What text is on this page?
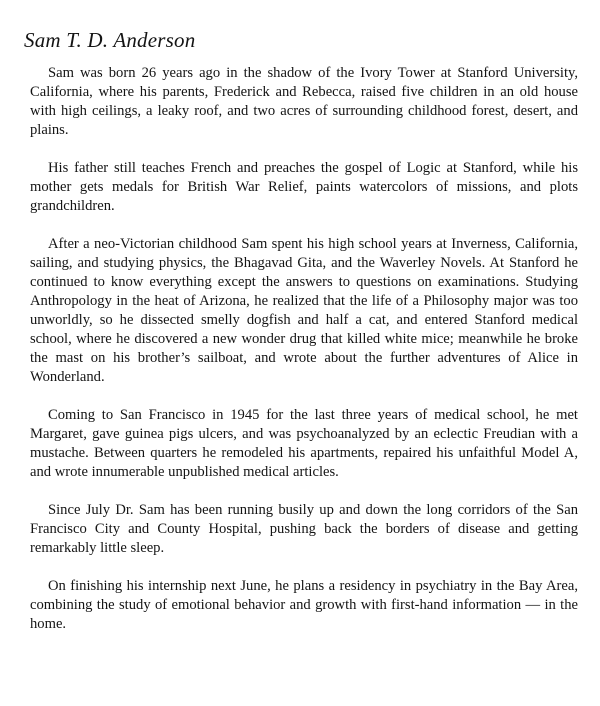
Sam T. D. Anderson

Sam was born 26 years ago in the shadow of the Ivory Tower at Stanford University, California, where his parents, Frederick and Rebecca, raised five children in an old house with high ceilings, a leaky roof, and two acres of surrounding childhood forest, desert, and plains.

His father still teaches French and preaches the gospel of Logic at Stanford, while his mother gets medals for British War Relief, paints watercolors of missions, and plots grandchildren.

After a neo-Victorian childhood Sam spent his high school years at Inverness, California, sailing, and studying physics, the Bhagavad Gita, and the Waverley Novels. At Stanford he continued to know everything except the answers to questions on examinations. Studying Anthropology in the heat of Arizona, he realized that the life of a Philosophy major was too unworldly, so he dissected smelly dogfish and half a cat, and entered Stanford medical school, where he discovered a new wonder drug that killed white mice; meanwhile he broke the mast on his brother’s sailboat, and wrote about the further adventures of Alice in Wonderland.

Coming to San Francisco in 1945 for the last three years of medical school, he met Margaret, gave guinea pigs ulcers, and was psychoanalyzed by an eclectic Freudian with a mustache. Between quarters he remodeled his apartments, repaired his unfaithful Model A, and wrote innumerable unpublished medical articles.

Since July Dr. Sam has been running busily up and down the long corridors of the San Francisco City and County Hospital, pushing back the borders of disease and getting remarkably little sleep.

On finishing his internship next June, he plans a residency in psychiatry in the Bay Area, combining the study of emotional behavior and growth with first-hand information — in the home.
